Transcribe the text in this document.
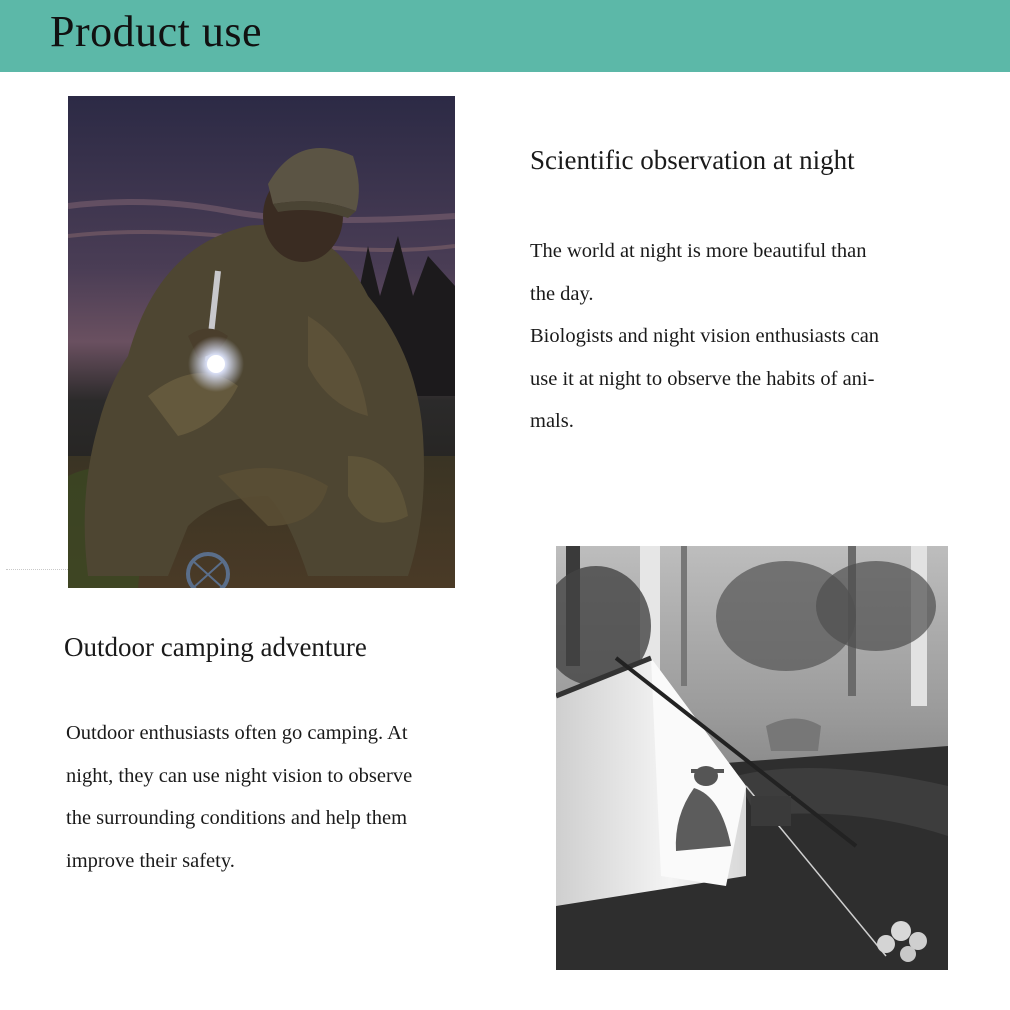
Product use
Scientific observation at night
The world at night is more beautiful than
the day.
Biologists and night vision enthusiasts can
use it at night to observe the habits of ani-
mals.
Outdoor camping adventure
Outdoor enthusiasts often go camping. At
night, they can use night vision to observe
the surrounding conditions and help them
improve their safety.
